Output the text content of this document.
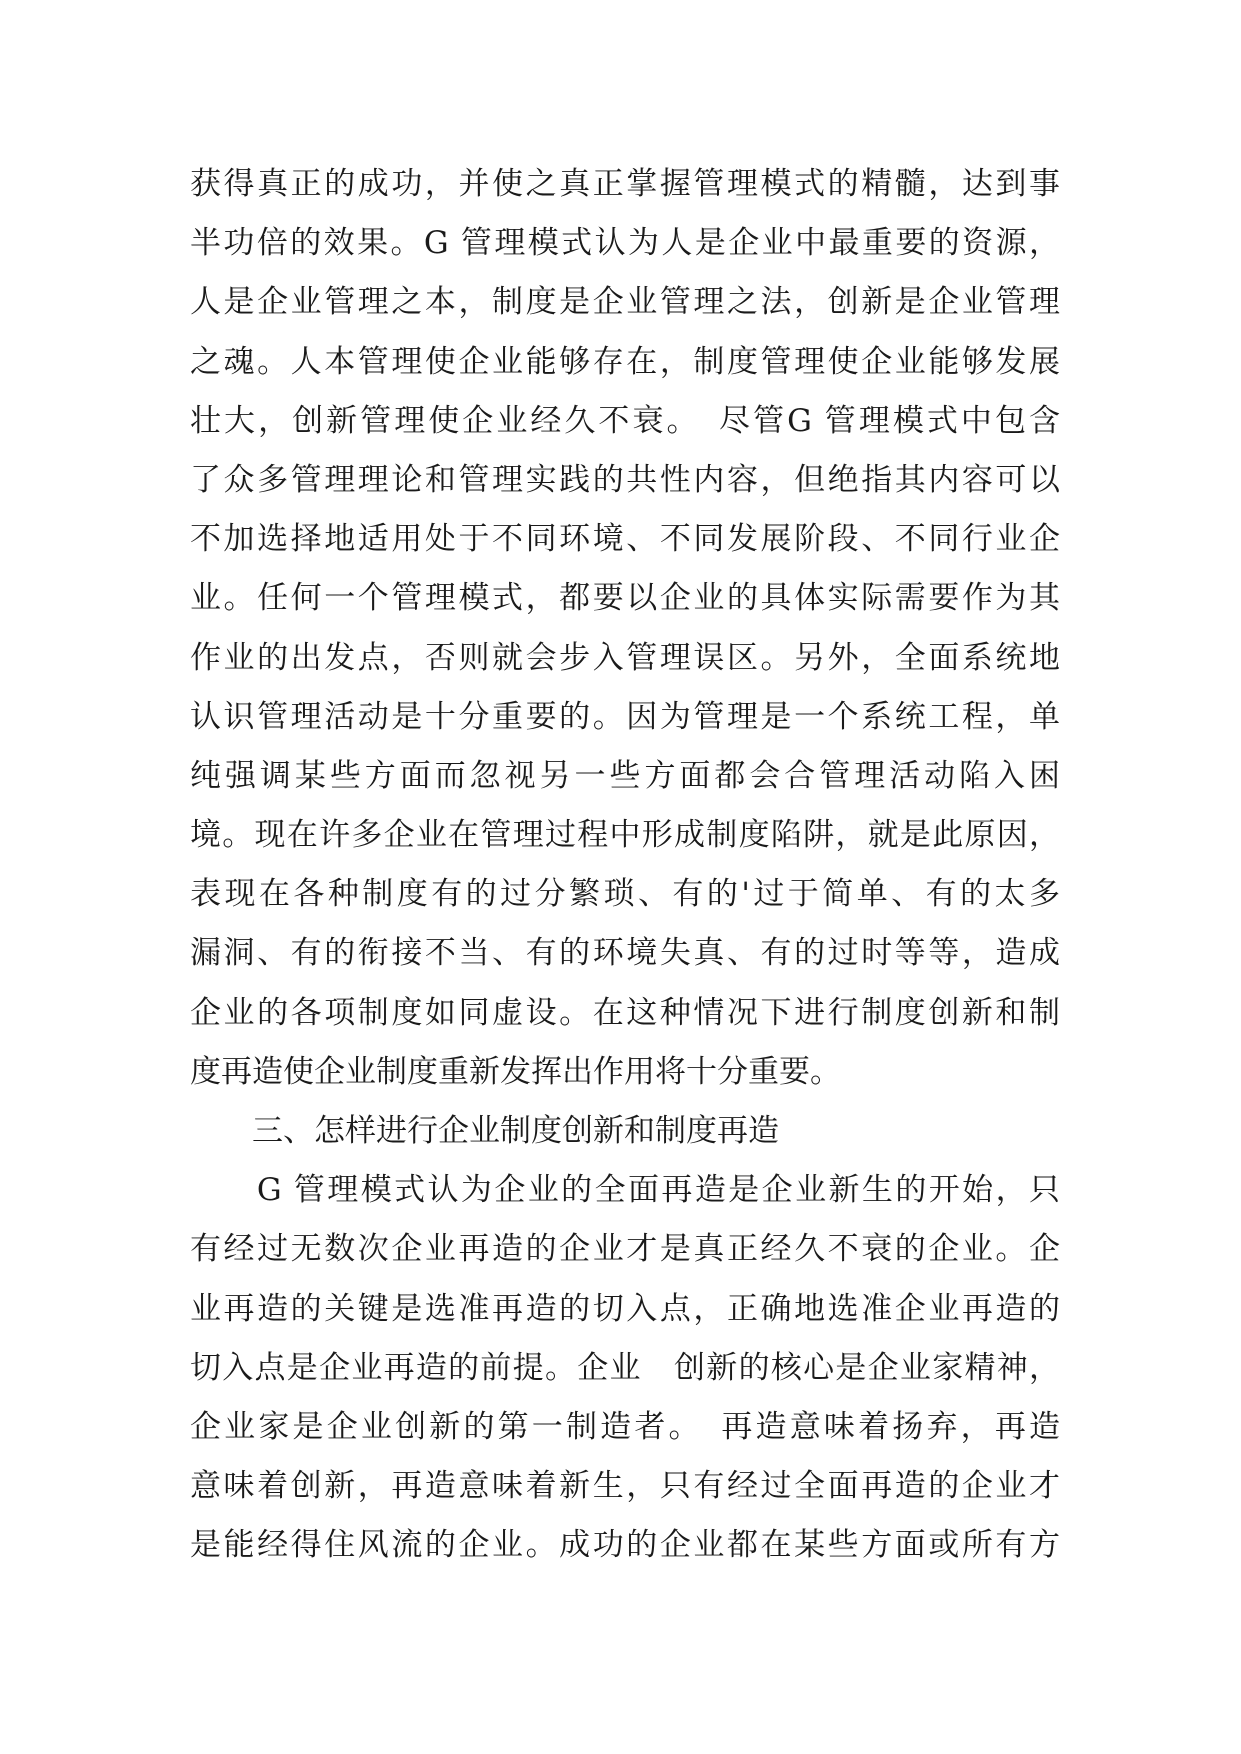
获得真正的成功，并使之真正掌握管理模式的精髓，达到事
半功倍的效果。G 管理模式认为人是企业中最重要的资源，
人是企业管理之本，制度是企业管理之法，创新是企业管理
之魂。人本管理使企业能够存在，制度管理使企业能够发展
壮大，创新管理使企业经久不衰。　尽管G 管理模式中包含
了众多管理理论和管理实践的共性内容，但绝指其内容可以
不加选择地适用处于不同环境、不同发展阶段、不同行业企
业。任何一个管理模式，都要以企业的具体实际需要作为其
作业的出发点，否则就会步入管理误区。另外，全面系统地
认识管理活动是十分重要的。因为管理是一个系统工程，单
纯强调某些方面而忽视另一些方面都会合管理活动陷入困
境。现在许多企业在管理过程中形成制度陷阱，就是此原因，
表现在各种制度有的过分繁琐、有的'过于简单、有的太多
漏洞、有的衔接不当、有的环境失真、有的过时等等，造成
企业的各项制度如同虚设。在这种情况下进行制度创新和制
度再造使企业制度重新发挥出作用将十分重要。
　　三、怎样进行企业制度创新和制度再造
　　G 管理模式认为企业的全面再造是企业新生的开始，只
有经过无数次企业再造的企业才是真正经久不衰的企业。企
业再造的关键是选准再造的切入点，正确地选准企业再造的
切入点是企业再造的前提。企业　创新的核心是企业家精神，
企业家是企业创新的第一制造者。　再造意味着扬弃，再造
意味着创新，再造意味着新生，只有经过全面再造的企业才
是能经得住风流的企业。成功的企业都在某些方面或所有方
